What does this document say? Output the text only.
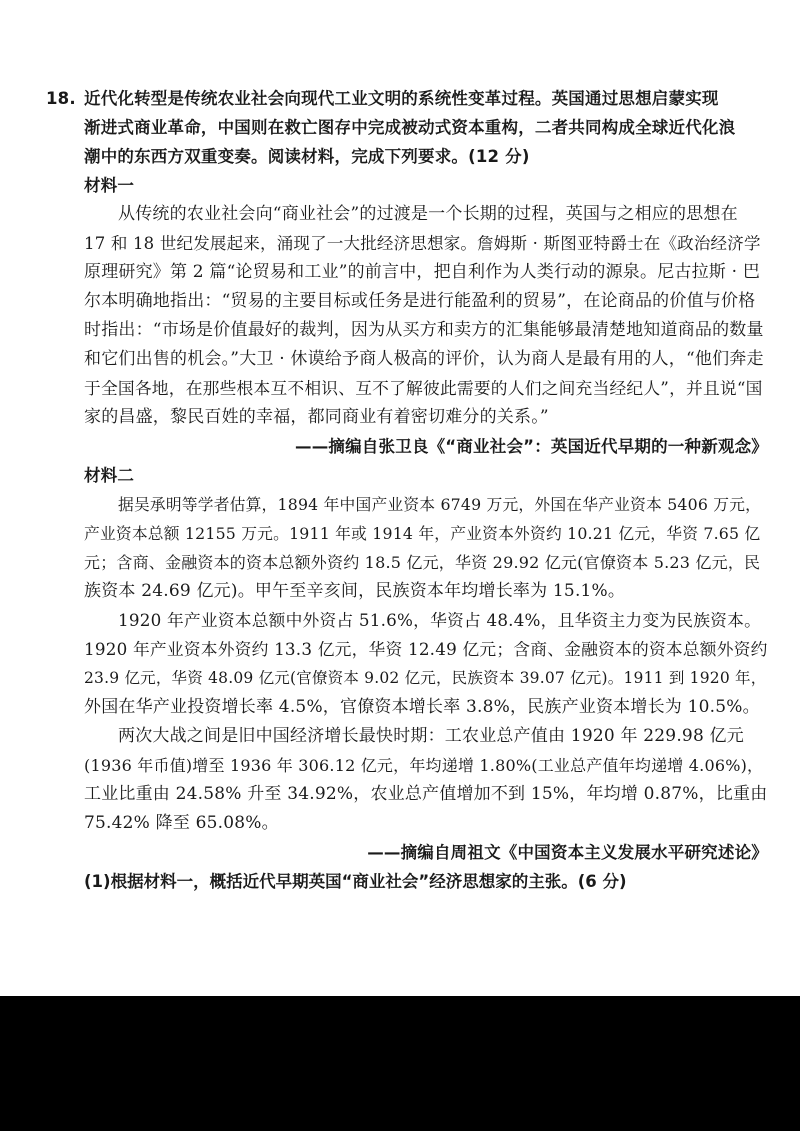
18. 近代化转型是传统农业社会向现代工业文明的系统性变革过程。英国通过思想启蒙实现
渐进式商业革命，中国则在救亡图存中完成被动式资本重构，二者共同构成全球近代化浪
潮中的东西方双重变奏。阅读材料，完成下列要求。(12 分)
材料一
从传统的农业社会向“商业社会”的过渡是一个长期的过程，英国与之相应的思想在
17 和 18 世纪发展起来，涌现了一大批经济思想家。詹姆斯 · 斯图亚特爵士在《政治经济学
原理研究》第 2 篇“论贸易和工业”的前言中，把自利作为人类行动的源泉。尼古拉斯 · 巴
尔本明确地指出：“贸易的主要目标或任务是进行能盈利的贸易”，在论商品的价值与价格
时指出：“市场是价值最好的裁判，因为从买方和卖方的汇集能够最清楚地知道商品的数量
和它们出售的机会。”大卫 · 休谟给予商人极高的评价，认为商人是最有用的人，“他们奔走
于全国各地，在那些根本互不相识、互不了解彼此需要的人们之间充当经纪人”，并且说“国
家的昌盛，黎民百姓的幸福，都同商业有着密切难分的关系。”
——摘编自张卫良《“商业社会”：英国近代早期的一种新观念》
材料二
据吴承明等学者估算，1894 年中国产业资本 6749 万元，外国在华产业资本 5406 万元，
产业资本总额 12155 万元。1911 年或 1914 年，产业资本外资约 10.21 亿元，华资 7.65 亿
元；含商、金融资本的资本总额外资约 18.5 亿元，华资 29.92 亿元(官僚资本 5.23 亿元，民
族资本 24.69 亿元)。甲午至辛亥间，民族资本年均增长率为 15.1%。
1920 年产业资本总额中外资占 51.6%，华资占 48.4%，且华资主力变为民族资本。
1920 年产业资本外资约 13.3 亿元，华资 12.49 亿元；含商、金融资本的资本总额外资约
23.9 亿元，华资 48.09 亿元(官僚资本 9.02 亿元，民族资本 39.07 亿元)。1911 到 1920 年，
外国在华产业投资增长率 4.5%，官僚资本增长率 3.8%，民族产业资本增长为 10.5%。
两次大战之间是旧中国经济增长最快时期：工农业总产值由 1920 年 229.98 亿元
(1936 年币值)增至 1936 年 306.12 亿元，年均递增 1.80%(工业总产值年均递增 4.06%)，
工业比重由 24.58% 升至 34.92%，农业总产值增加不到 15%，年均增 0.87%，比重由
75.42% 降至 65.08%。
——摘编自周祖文《中国资本主义发展水平研究述论》
(1)根据材料一，概括近代早期英国“商业社会”经济思想家的主张。(6 分)
